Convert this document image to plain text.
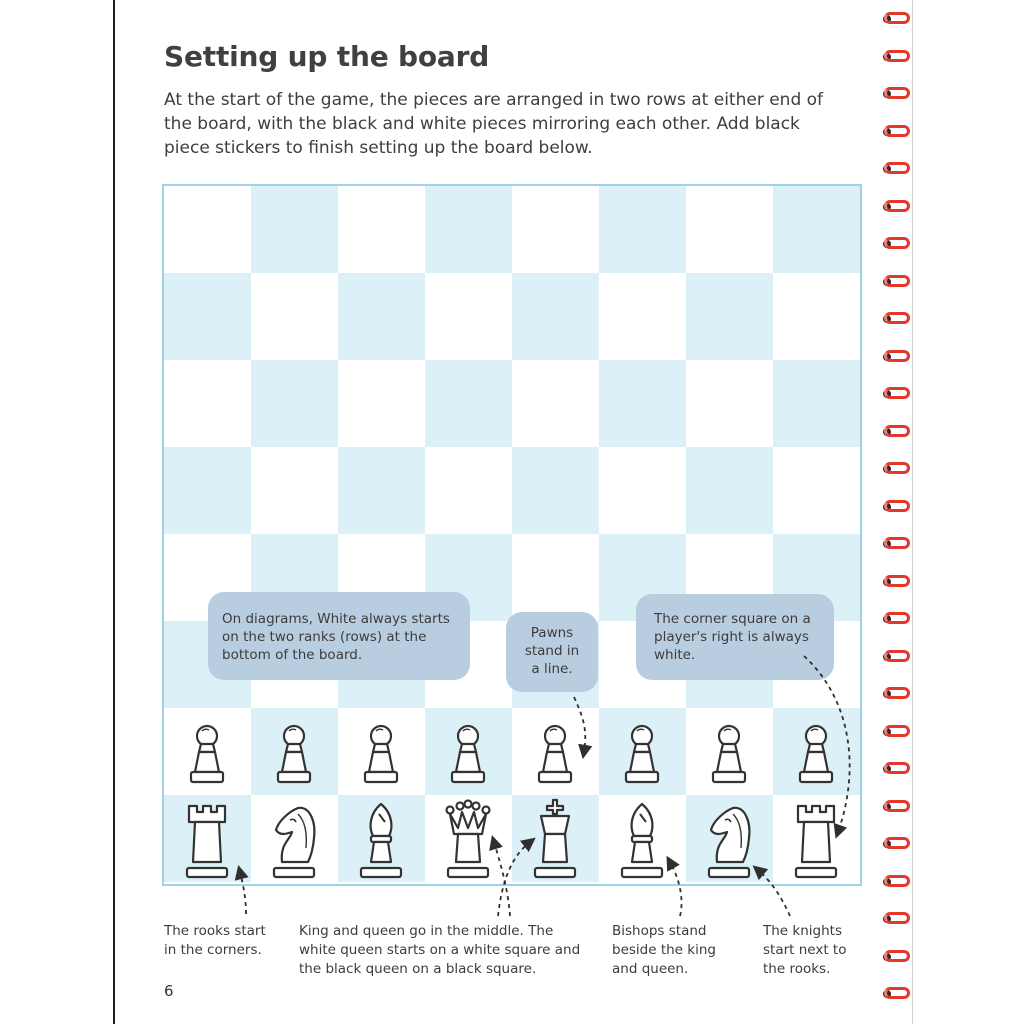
Setting up the board

At the start of the game, the pieces are arranged in two rows at either end of the board, with the black and white pieces mirroring each other. Add black piece stickers to finish setting up the board below.

On diagrams, White always starts on the two ranks (rows) at the bottom of the board.
Pawns stand in a line.
The corner square on a player's right is always white.
The rooks start in the corners.
King and queen go in the middle. The white queen starts on a white square and the black queen on a black square.
Bishops stand beside the king and queen.
The knights start next to the rooks.
6
